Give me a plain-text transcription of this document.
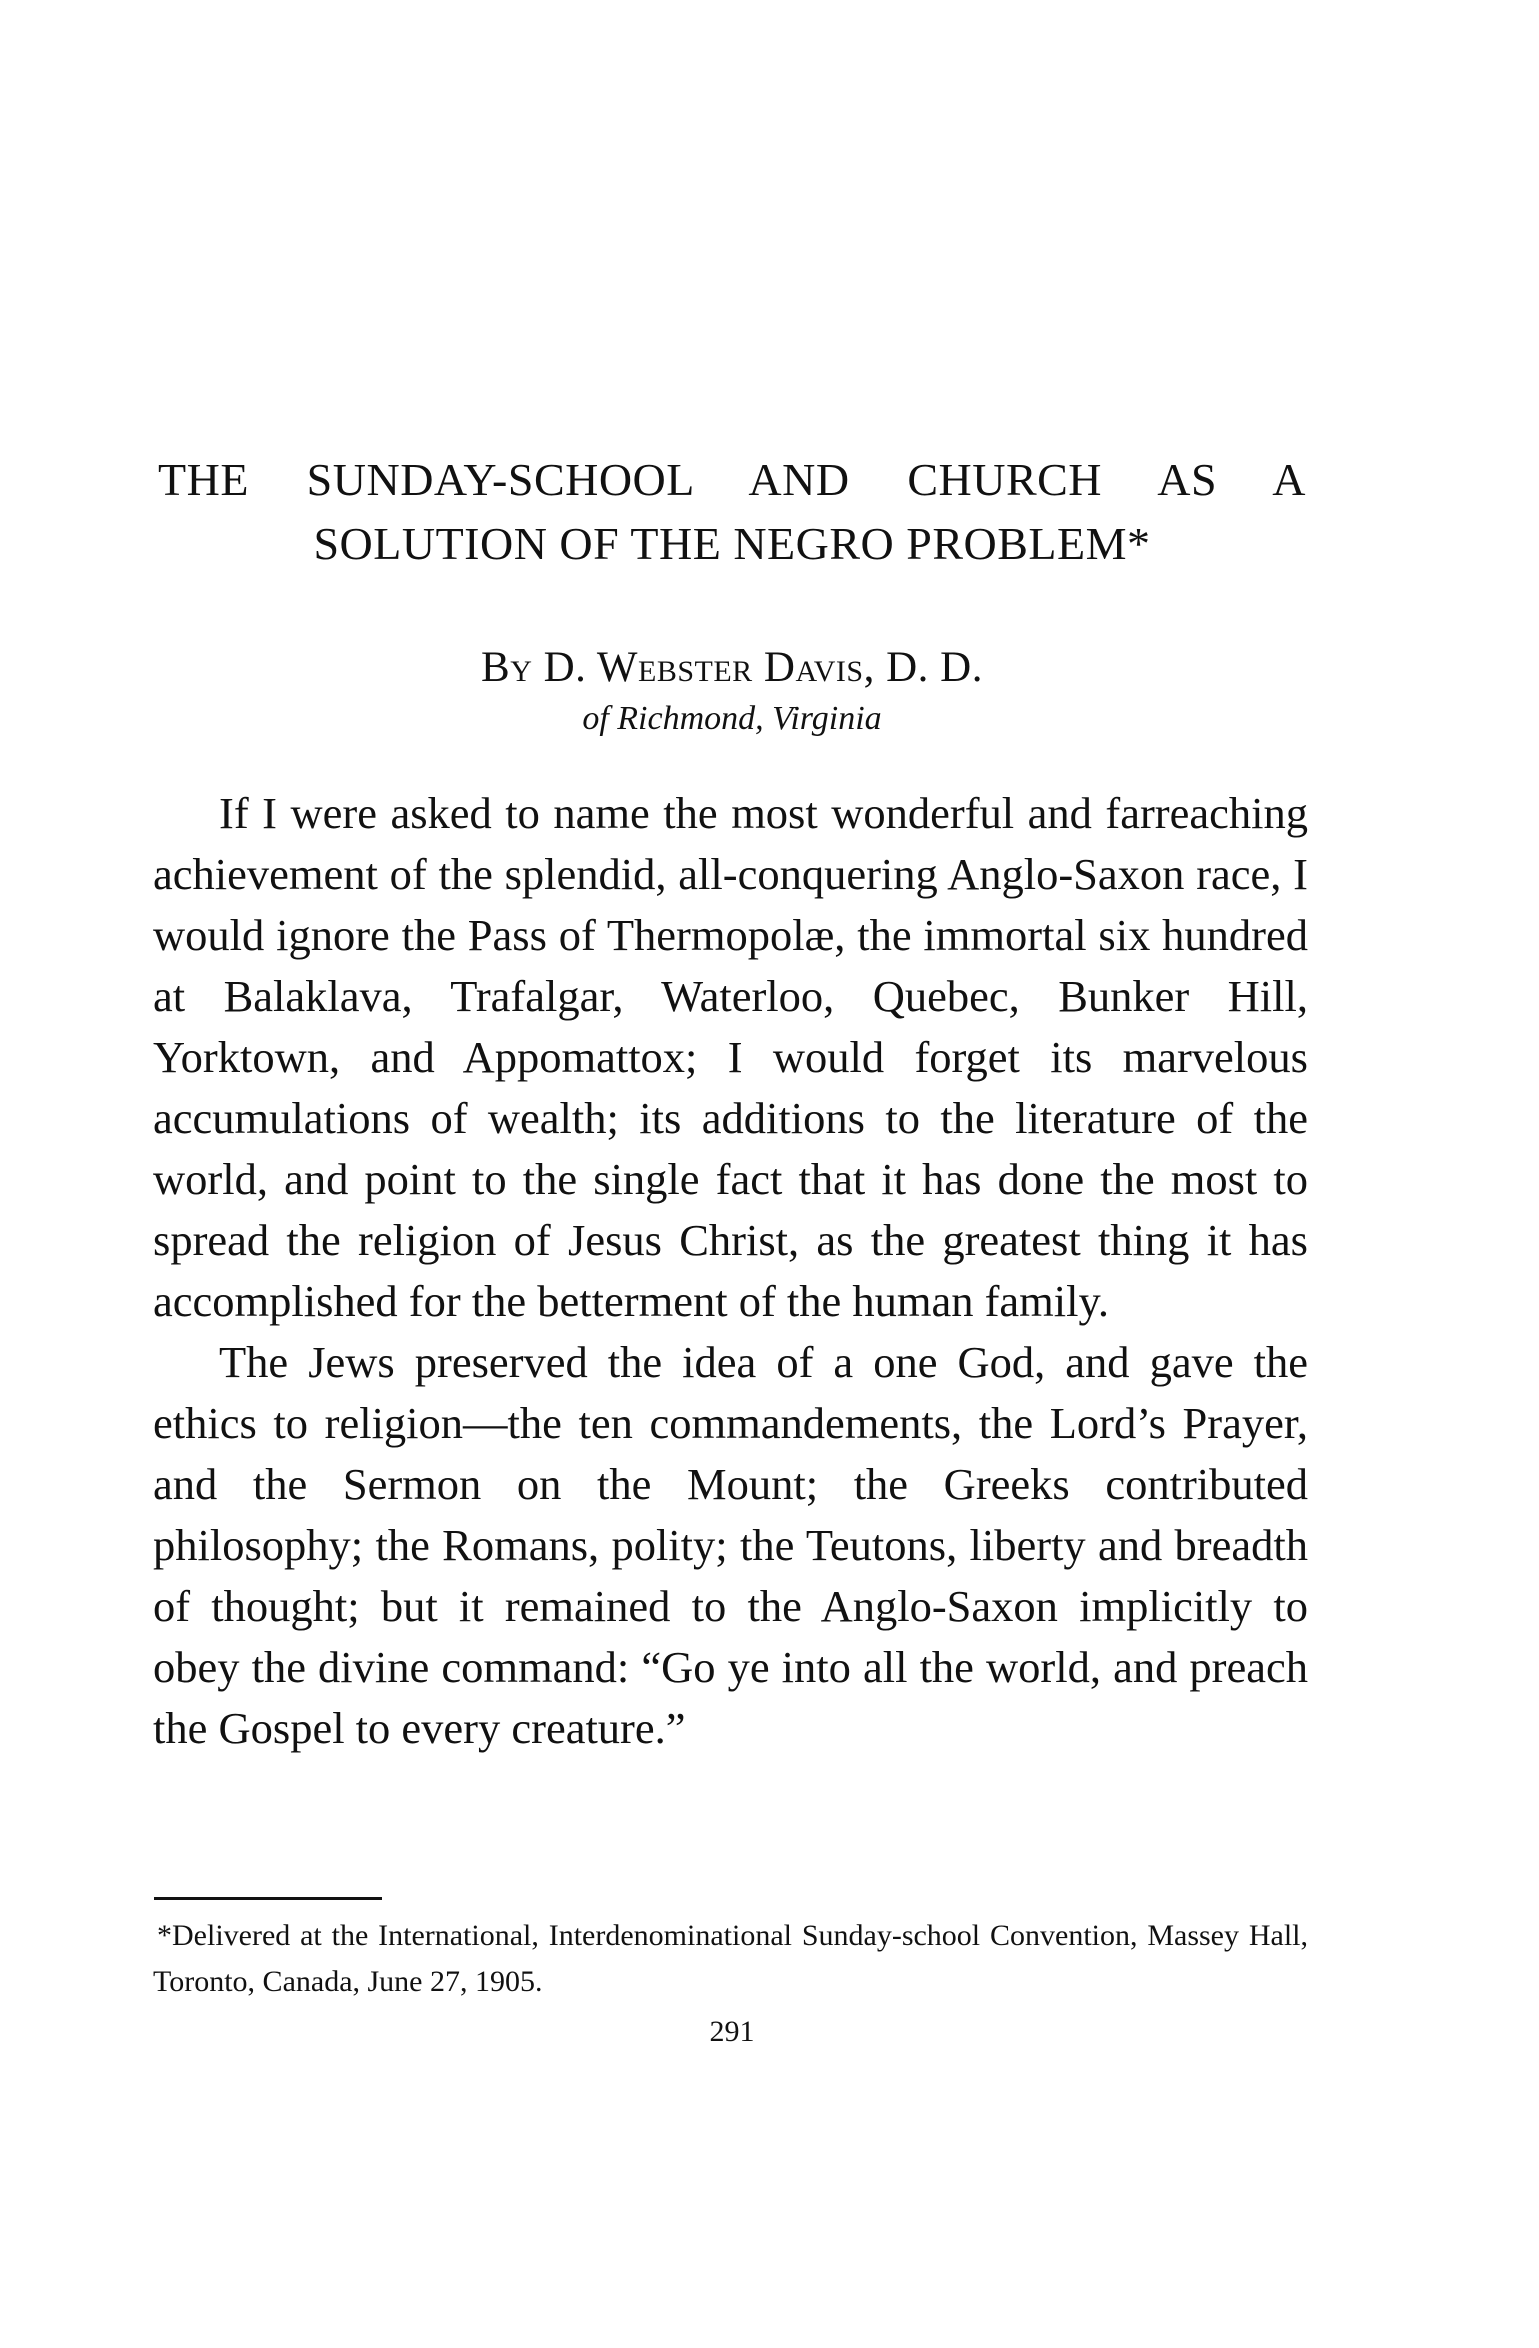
THE SUNDAY-SCHOOL AND CHURCH AS A
SOLUTION OF THE NEGRO PROBLEM*
By D. Webster Davis, D. D.
of Richmond, Virginia

If I were asked to name the most wonderful and farreaching achievement of the splendid, all-conquering Anglo-Saxon race, I would ignore the Pass of Thermopolæ, the immortal six hundred at Balaklava, Trafalgar, Waterloo, Quebec, Bunker Hill, Yorktown, and Appomattox; I would forget its marvelous accumulations of wealth; its additions to the literature of the world, and point to the single fact that it has done the most to spread the religion of Jesus Christ, as the greatest thing it has accomplished for the betterment of the human family.

The Jews preserved the idea of a one God, and gave the ethics to religion—the ten commandements, the Lord’s Prayer, and the Sermon on the Mount; the Greeks contributed philosophy; the Romans, polity; the Teutons, liberty and breadth of thought; but it remained to the Anglo-Saxon implicitly to obey the divine command: “Go ye into all the world, and preach the Gospel to every creature.”

*Delivered at the International, Interdenominational Sunday-school Convention, Massey Hall, Toronto, Canada, June 27, 1905.
291
